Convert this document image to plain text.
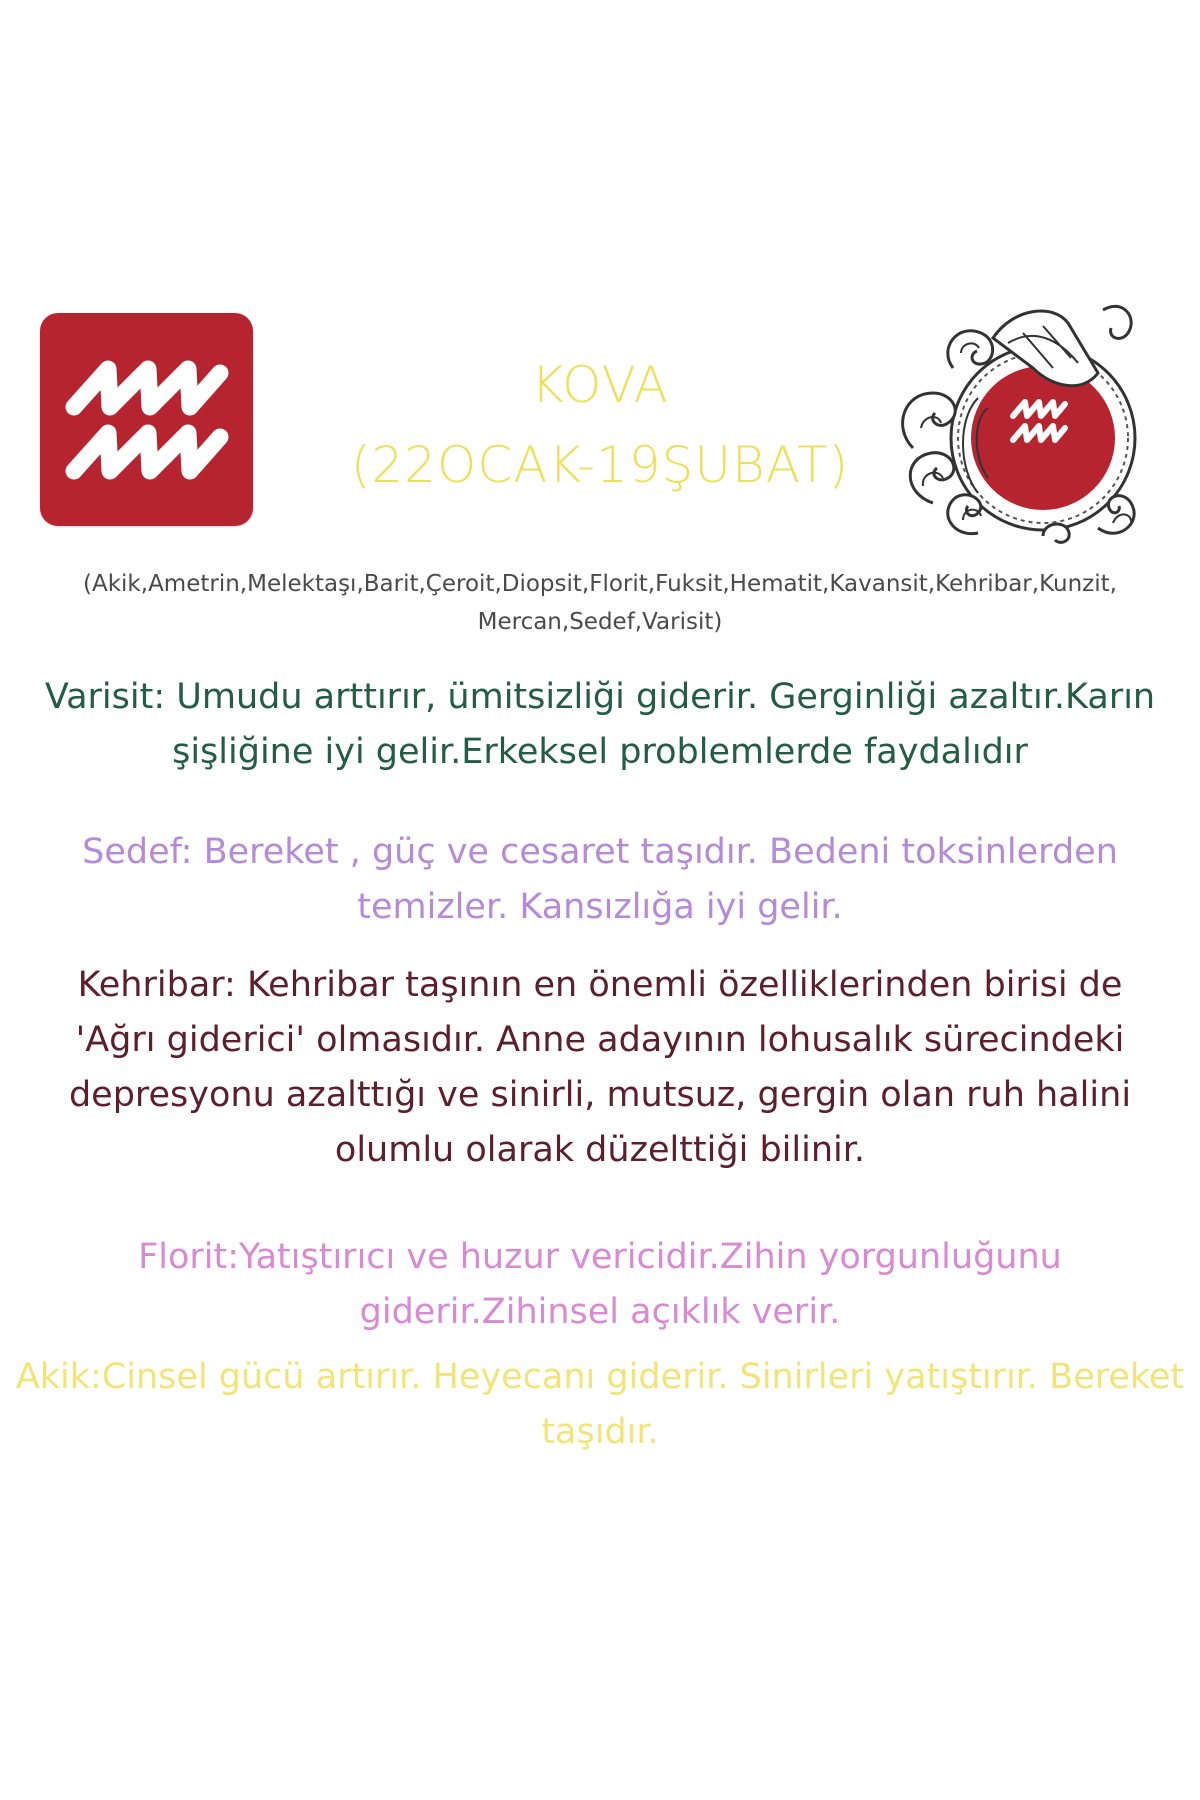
KOVA
(22OCAK-19ŞUBAT)
(Akik,Ametrin,Melektaşı,Barit,Çeroit,Diopsit,Florit,Fuksit,Hematit,Kavansit,Kehribar,Kunzit, Mercan,Sedef,Varisit)
Varisit: Umudu arttırır, ümitsizliği giderir. Gerginliği azaltır.Karın şişliğine iyi gelir.Erkeksel problemlerde faydalıdır
Sedef: Bereket , güç ve cesaret taşıdır. Bedeni toksinlerden temizler. Kansızlığa iyi gelir.
Kehribar: Kehribar taşının en önemli özelliklerinden birisi de 'Ağrı giderici' olmasıdır. Anne adayının lohusalık sürecindeki depresyonu azalttığı ve sinirli, mutsuz, gergin olan ruh halini olumlu olarak düzelttiği bilinir.
Florit:Yatıştırıcı ve huzur vericidir.Zihin yorgunluğunu giderir.Zihinsel açıklık verir.
Akik:Cinsel gücü artırır. Heyecanı giderir. Sinirleri yatıştırır. Bereket taşıdır.
